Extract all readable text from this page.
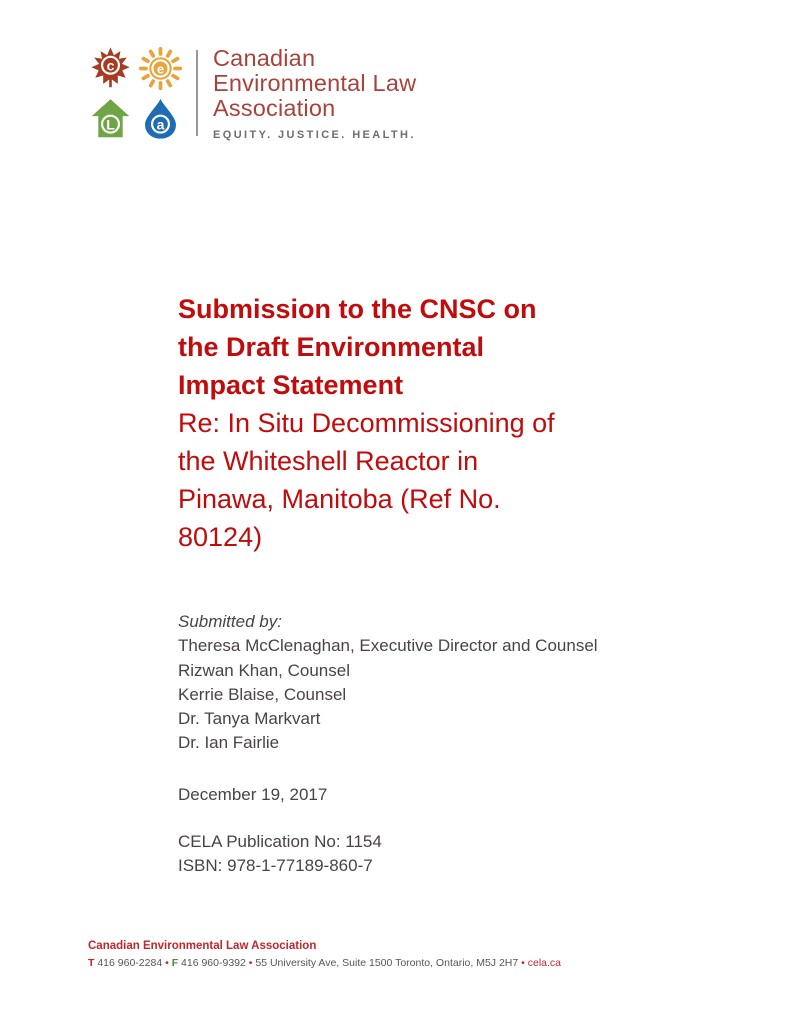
c	e
L	a
Canadian
Environmental Law
Association
EQUITY. JUSTICE. HEALTH.
Submission to the CNSC on
the Draft Environmental
Impact Statement
Re: In Situ Decommissioning of
the Whiteshell Reactor in
Pinawa, Manitoba (Ref No.
80124)
Submitted by:
Theresa McClenaghan, Executive Director and Counsel
Rizwan Khan, Counsel
Kerrie Blaise, Counsel
Dr. Tanya Markvart
Dr. Ian Fairlie
December 19, 2017
CELA Publication No: 1154
ISBN: 978-1-77189-860-7
Canadian Environmental Law Association
T 416 960-2284 • F 416 960-9392 • 55 University Ave, Suite 1500 Toronto, Ontario, M5J 2H7 • cela.ca
